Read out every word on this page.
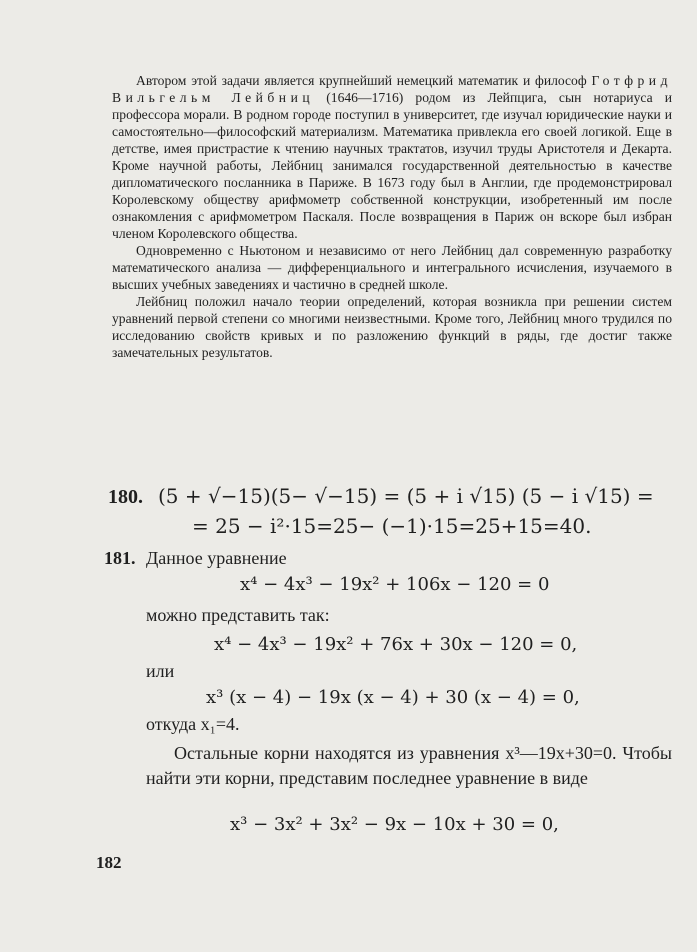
Автором этой задачи является крупнейший немецкий математик и философ Готфрид Вильгельм Лейбниц (1646—1716) родом из Лейпцига, сын нотариуса и профессора морали. В родном городе поступил в университет, где изучал юридические науки и самостоятельно—философский материализм. Математика привлекла его своей логикой. Еще в детстве, имея пристрастие к чтению научных трактатов, изучил труды Аристотеля и Декарта. Кроме научной работы, Лейбниц занимался государственной деятельностью в качестве дипломатического посланника в Париже. В 1673 году был в Англии, где продемонстрировал Королевскому обществу арифмометр собственной конструкции, изобретенный им после ознакомления с арифмометром Паскаля. После возвращения в Париж он вскоре был избран членом Королевского общества.

Одновременно с Ньютоном и независимо от него Лейбниц дал современную разработку математического анализа — дифференциального и интегрального исчисления, изучаемого в высших учебных заведениях и частично в средней школе.

Лейбниц положил начало теории определений, которая возникла при решении систем уравнений первой степени со многими неизвестными. Кроме того, Лейбниц много трудился по исследованию свойств кривых и по разложению функций в ряды, где достиг также замечательных результатов.

180. (5 + √−15)(5− √−15) = (5 + i √15) (5 − i √15) =
= 25 − i²·15=25− (−1)·15=25+15=40.
181. Данное уравнение
x⁴ − 4x³ − 19x² + 106x − 120 = 0
можно представить так:
x⁴ − 4x³ − 19x² + 76x + 30x − 120 = 0,
или
x³ (x − 4) − 19x (x − 4) + 30 (x − 4) = 0,
откуда x₁=4.
Остальные корни находятся из уравнения x³—19x+30=0. Чтобы найти эти корни, представим последнее уравнение в виде
x³ − 3x² + 3x² − 9x − 10x + 30 = 0,
182
